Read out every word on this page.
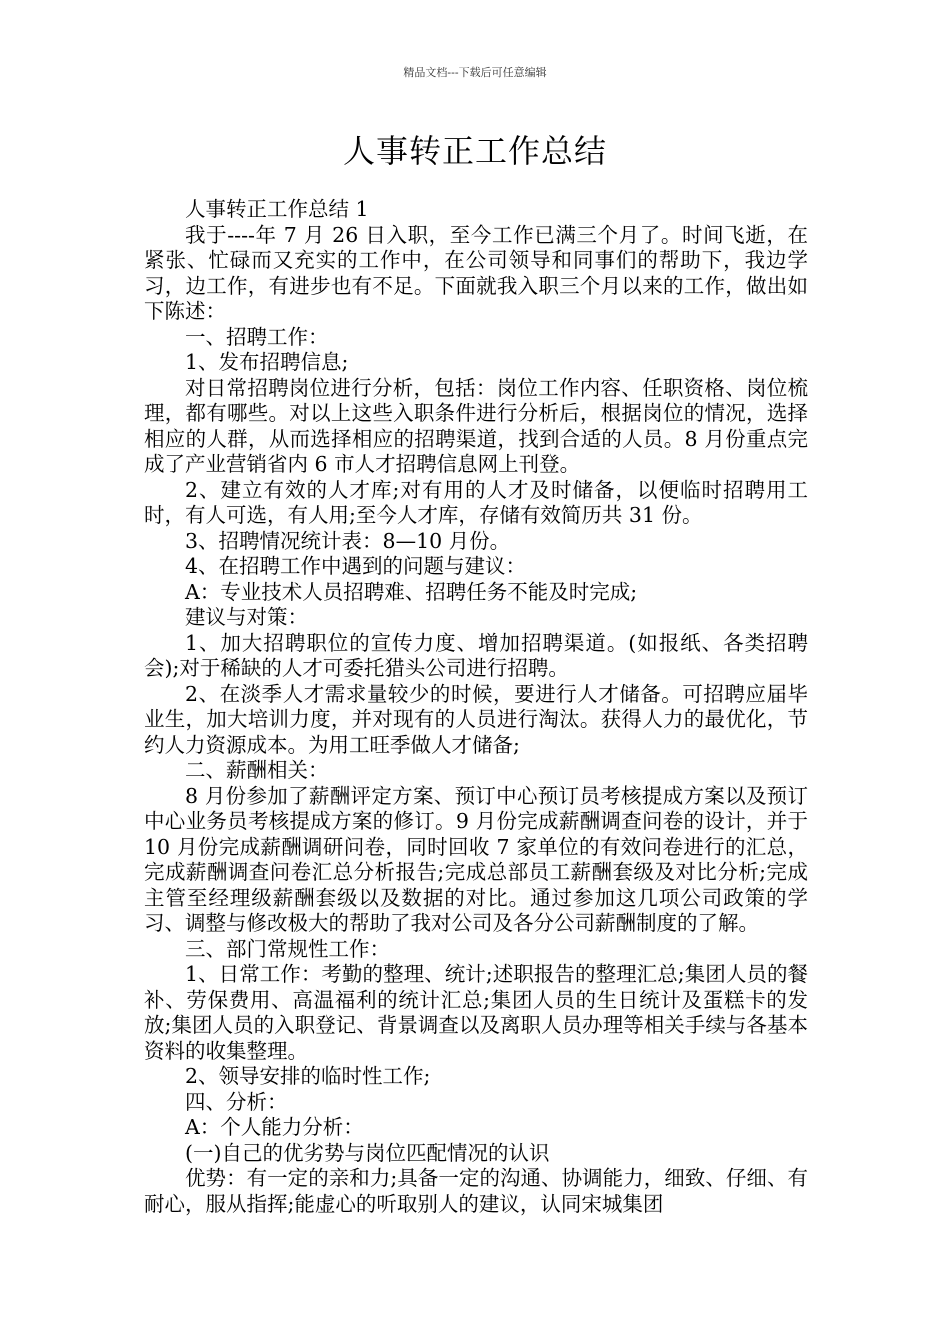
精品文档---下载后可任意编辑
人事转正工作总结

人事转正工作总结 1

我于----年 7 月 26 日入职，至今工作已满三个月了。时间飞逝，在紧张、忙碌而又充实的工作中，在公司领导和同事们的帮助下，我边学习，边工作，有进步也有不足。下面就我入职三个月以来的工作，做出如下陈述：

一、招聘工作：

1、发布招聘信息;

对日常招聘岗位进行分析，包括：岗位工作内容、任职资格、岗位梳理，都有哪些。对以上这些入职条件进行分析后，根据岗位的情况，选择相应的人群，从而选择相应的招聘渠道，找到合适的人员。8 月份重点完成了产业营销省内 6 市人才招聘信息网上刊登。

2、建立有效的人才库;对有用的人才及时储备，以便临时招聘用工时，有人可选，有人用;至今人才库，存储有效简历共 31 份。

3、招聘情况统计表：8—10 月份。

4、在招聘工作中遇到的问题与建议：

A：专业技术人员招聘难、招聘任务不能及时完成;

建议与对策：

1、加大招聘职位的宣传力度、增加招聘渠道。(如报纸、各类招聘会);对于稀缺的人才可委托猎头公司进行招聘。

2、在淡季人才需求量较少的时候，要进行人才储备。可招聘应届毕业生，加大培训力度，并对现有的人员进行淘汰。获得人力的最优化，节约人力资源成本。为用工旺季做人才储备;

二、薪酬相关：

8 月份参加了薪酬评定方案、预订中心预订员考核提成方案以及预订中心业务员考核提成方案的修订。9 月份完成薪酬调查问卷的设计，并于 10 月份完成薪酬调研问卷，同时回收 7 家单位的有效问卷进行的汇总，完成薪酬调查问卷汇总分析报告;完成总部员工薪酬套级及对比分析;完成主管至经理级薪酬套级以及数据的对比。通过参加这几项公司政策的学习、调整与修改极大的帮助了我对公司及各分公司薪酬制度的了解。

三、部门常规性工作：

1、日常工作：考勤的整理、统计;述职报告的整理汇总;集团人员的餐补、劳保费用、高温福利的统计汇总;集团人员的生日统计及蛋糕卡的发放;集团人员的入职登记、背景调查以及离职人员办理等相关手续与各基本资料的收集整理。

2、领导安排的临时性工作;

四、分析：

A：个人能力分析：

(一)自己的优劣势与岗位匹配情况的认识

优势：有一定的亲和力;具备一定的沟通、协调能力，细致、仔细、有耐心，服从指挥;能虚心的听取别人的建议，认同宋城集团
